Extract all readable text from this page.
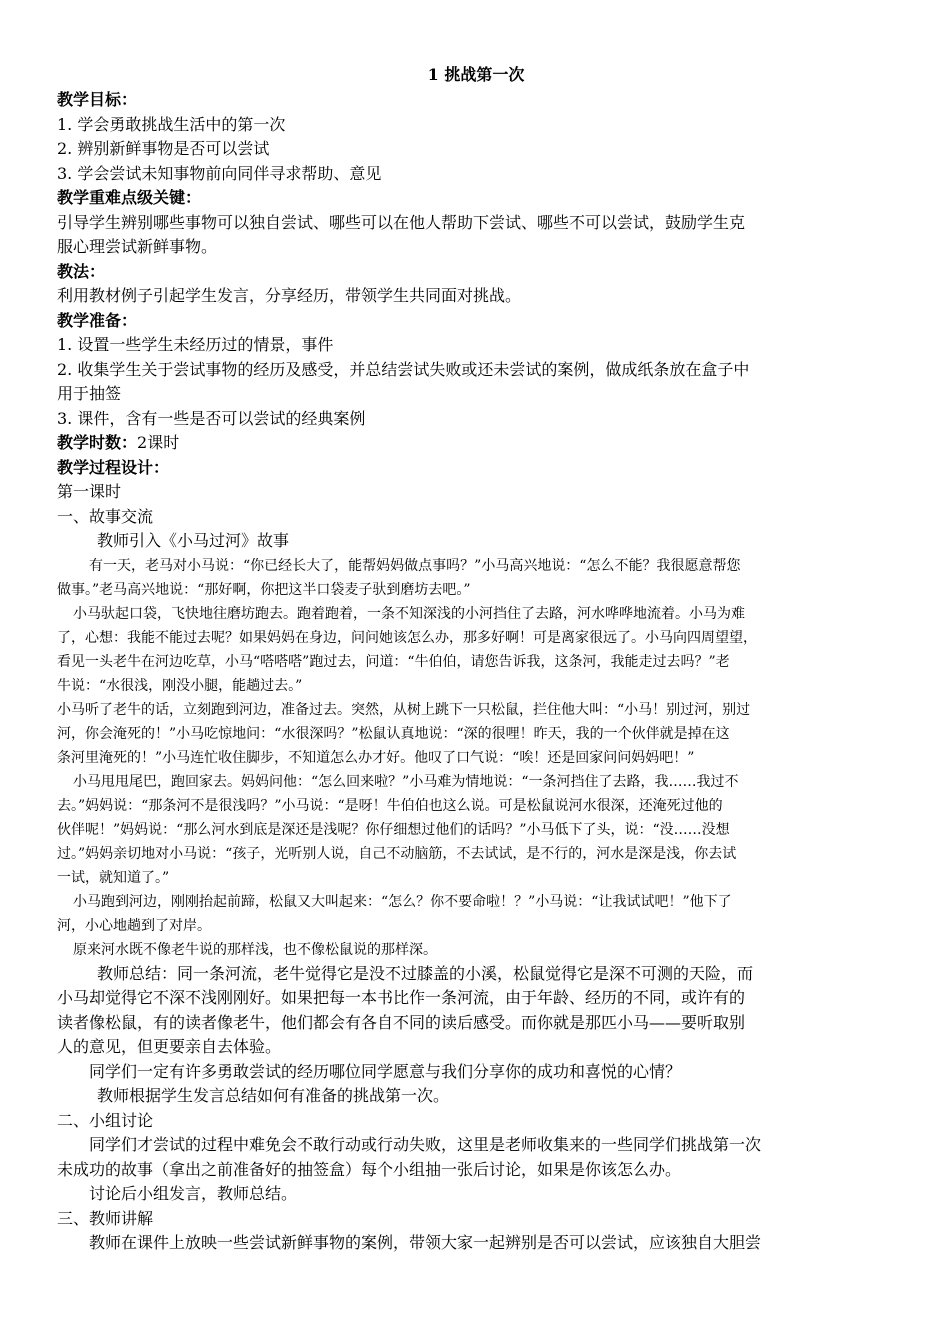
1 挑战第一次
教学目标：
1. 学会勇敢挑战生活中的第一次
2. 辨别新鲜事物是否可以尝试
3. 学会尝试未知事物前向同伴寻求帮助、意见
教学重难点级关键：
引导学生辨别哪些事物可以独自尝试、哪些可以在他人帮助下尝试、哪些不可以尝试，鼓励学生克
服心理尝试新鲜事物。
教法：
利用教材例子引起学生发言，分享经历，带领学生共同面对挑战。
教学准备：
1. 设置一些学生未经历过的情景，事件
2. 收集学生关于尝试事物的经历及感受，并总结尝试失败或还未尝试的案例，做成纸条放在盒子中
用于抽签
3. 课件，含有一些是否可以尝试的经典案例
教学时数：2课时
教学过程设计：
第一课时
一、故事交流
教师引入《小马过河》故事
有一天，老马对小马说：“你已经长大了，能帮妈妈做点事吗？”小马高兴地说：“怎么不能？我很愿意帮您
做事。”老马高兴地说：“那好啊，你把这半口袋麦子驮到磨坊去吧。”
小马驮起口袋，飞快地往磨坊跑去。跑着跑着，一条不知深浅的小河挡住了去路，河水哗哗地流着。小马为难
了，心想：我能不能过去呢？如果妈妈在身边，问问她该怎么办，那多好啊！可是离家很远了。小马向四周望望，
看见一头老牛在河边吃草，小马“嗒嗒嗒”跑过去，问道：“牛伯伯，请您告诉我，这条河，我能走过去吗？”老
牛说：“水很浅，刚没小腿，能趟过去。”
小马听了老牛的话，立刻跑到河边，准备过去。突然，从树上跳下一只松鼠，拦住他大叫：“小马！别过河，别过
河，你会淹死的！”小马吃惊地问：“水很深吗？”松鼠认真地说：“深的很哩！昨天，我的一个伙伴就是掉在这
条河里淹死的！”小马连忙收住脚步，不知道怎么办才好。他叹了口气说：“唉！还是回家问问妈妈吧！”
小马甩甩尾巴，跑回家去。妈妈问他：“怎么回来啦？”小马难为情地说：“一条河挡住了去路，我……我过不
去。”妈妈说：“那条河不是很浅吗？”小马说：“是呀！牛伯伯也这么说。可是松鼠说河水很深，还淹死过他的
伙伴呢！”妈妈说：“那么河水到底是深还是浅呢？你仔细想过他们的话吗？”小马低下了头，说：“没……没想
过。”妈妈亲切地对小马说：“孩子，光听别人说，自己不动脑筋，不去试试，是不行的，河水是深是浅，你去试
一试，就知道了。”
小马跑到河边，刚刚抬起前蹄，松鼠又大叫起来：“怎么？你不要命啦！？”小马说：“让我试试吧！”他下了
河，小心地趟到了对岸。
原来河水既不像老牛说的那样浅，也不像松鼠说的那样深。
教师总结：同一条河流，老牛觉得它是没不过膝盖的小溪，松鼠觉得它是深不可测的天险，而
小马却觉得它不深不浅刚刚好。如果把每一本书比作一条河流，由于年龄、经历的不同，或许有的
读者像松鼠，有的读者像老牛，他们都会有各自不同的读后感受。而你就是那匹小马——要听取别
人的意见，但更要亲自去体验。
同学们一定有许多勇敢尝试的经历哪位同学愿意与我们分享你的成功和喜悦的心情？
教师根据学生发言总结如何有准备的挑战第一次。
二、小组讨论
同学们才尝试的过程中难免会不敢行动或行动失败，这里是老师收集来的一些同学们挑战第一次
未成功的故事（拿出之前准备好的抽签盒）每个小组抽一张后讨论，如果是你该怎么办。
讨论后小组发言，教师总结。
三、教师讲解
教师在课件上放映一些尝试新鲜事物的案例，带领大家一起辨别是否可以尝试，应该独自大胆尝
